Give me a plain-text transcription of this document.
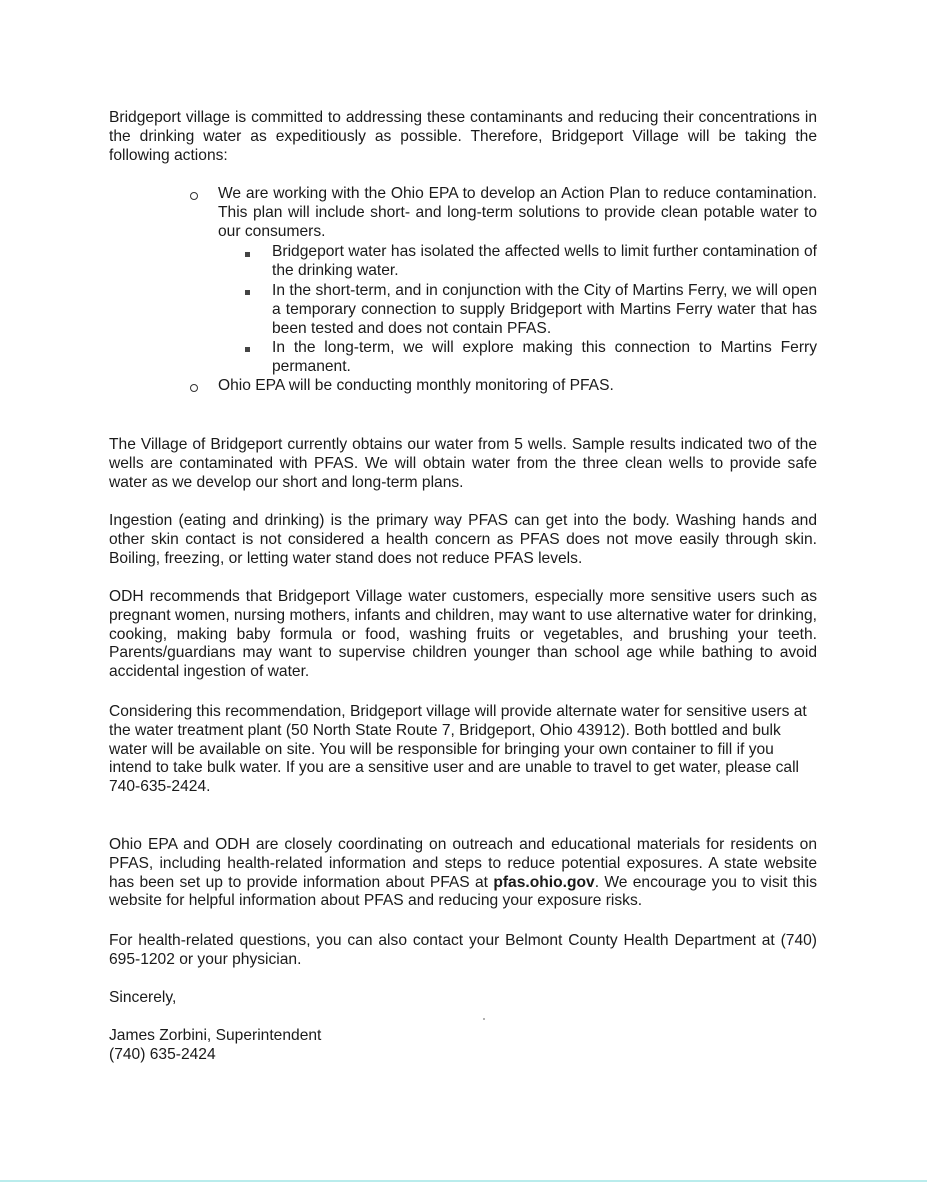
Bridgeport village is committed to addressing these contaminants and reducing their concentrations in the drinking water as expeditiously as possible. Therefore, Bridgeport Village will be taking the following actions:

We are working with the Ohio EPA to develop an Action Plan to reduce contamination. This plan will include short- and long-term solutions to provide clean potable water to our consumers.

Bridgeport water has isolated the affected wells to limit further contamination of the drinking water.

In the short-term, and in conjunction with the City of Martins Ferry, we will open a temporary connection to supply Bridgeport with Martins Ferry water that has been tested and does not contain PFAS.

In the long-term, we will explore making this connection to Martins Ferry permanent.

Ohio EPA will be conducting monthly monitoring of PFAS.

The Village of Bridgeport currently obtains our water from 5 wells. Sample results indicated two of the wells are contaminated with PFAS. We will obtain water from the three clean wells to provide safe water as we develop our short and long-term plans.

Ingestion (eating and drinking) is the primary way PFAS can get into the body. Washing hands and other skin contact is not considered a health concern as PFAS does not move easily through skin. Boiling, freezing, or letting water stand does not reduce PFAS levels.

ODH recommends that Bridgeport Village water customers, especially more sensitive users such as pregnant women, nursing mothers, infants and children, may want to use alternative water for drinking, cooking, making baby formula or food, washing fruits or vegetables, and brushing your teeth. Parents/guardians may want to supervise children younger than school age while bathing to avoid accidental ingestion of water.

Considering this recommendation, Bridgeport village will provide alternate water for sensitive users at the water treatment plant (50 North State Route 7, Bridgeport, Ohio 43912). Both bottled and bulk water will be available on site. You will be responsible for bringing your own container to fill if you intend to take bulk water. If you are a sensitive user and are unable to travel to get water, please call 740-635-2424.

Ohio EPA and ODH are closely coordinating on outreach and educational materials for residents on PFAS, including health-related information and steps to reduce potential exposures. A state website has been set up to provide information about PFAS at pfas.ohio.gov. We encourage you to visit this website for helpful information about PFAS and reducing your exposure risks.

For health-related questions, you can also contact your Belmont County Health Department at (740) 695-1202 or your physician.

Sincerely,

James Zorbini, Superintendent

(740) 635-2424
